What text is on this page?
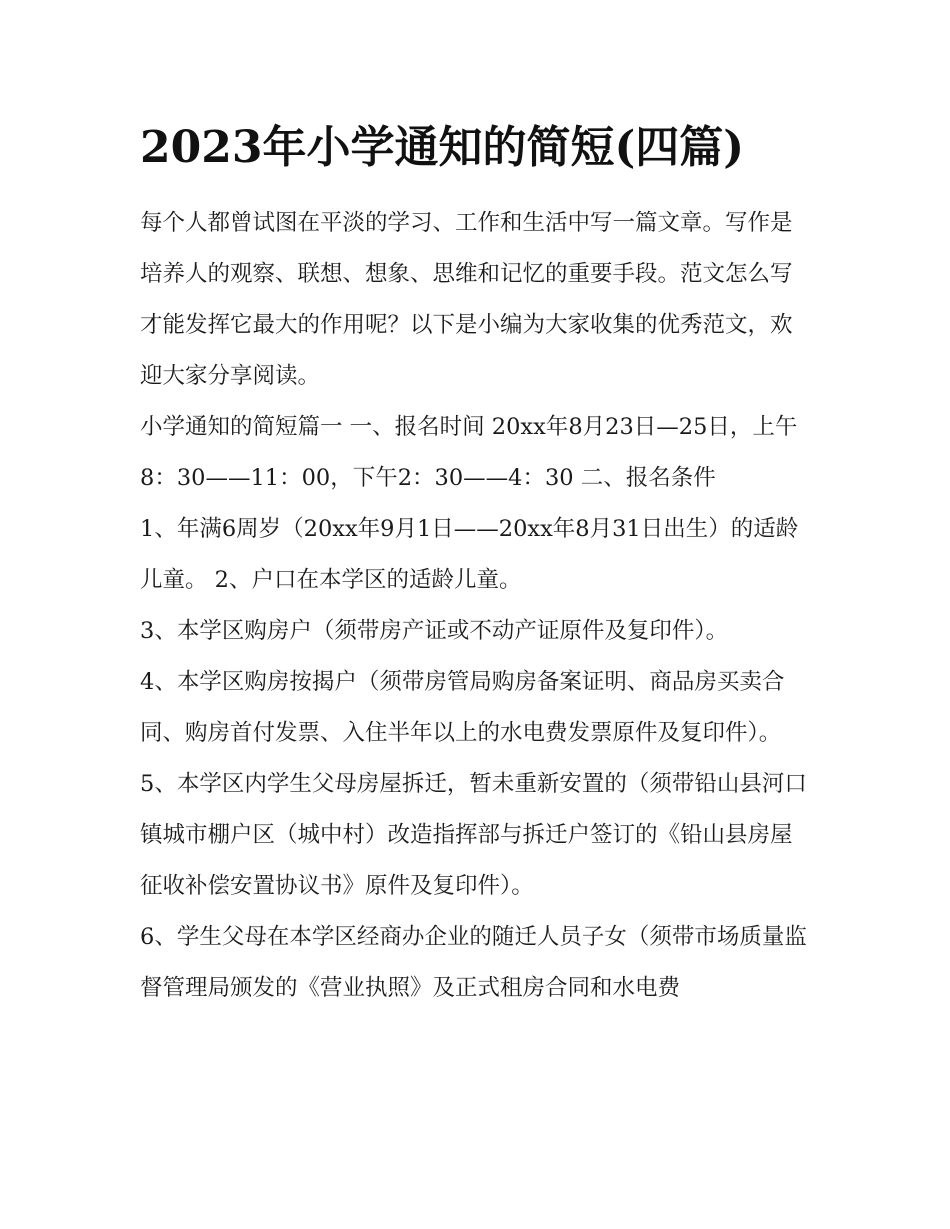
2023年小学通知的简短(四篇)

每个人都曾试图在平淡的学习、工作和生活中写一篇文章。写作是培养人的观察、联想、想象、思维和记忆的重要手段。范文怎么写才能发挥它最大的作用呢？以下是小编为大家收集的优秀范文，欢迎大家分享阅读。

小学通知的简短篇一 一、报名时间 20xx年8月23日—25日，上午8：30——11：00，下午2：30——4：30 二、报名条件

1、年满6周岁（20xx年9月1日——20xx年8月31日出生）的适龄儿童。 2、户口在本学区的适龄儿童。

3、本学区购房户（须带房产证或不动产证原件及复印件）。

4、本学区购房按揭户（须带房管局购房备案证明、商品房买卖合同、购房首付发票、入住半年以上的水电费发票原件及复印件）。

5、本学区内学生父母房屋拆迁，暂未重新安置的（须带铅山县河口镇城市棚户区（城中村）改造指挥部与拆迁户签订的《铅山县房屋征收补偿安置协议书》原件及复印件）。

6、学生父母在本学区经商办企业的随迁人员子女（须带市场质量监督管理局颁发的《营业执照》及正式租房合同和水电费
